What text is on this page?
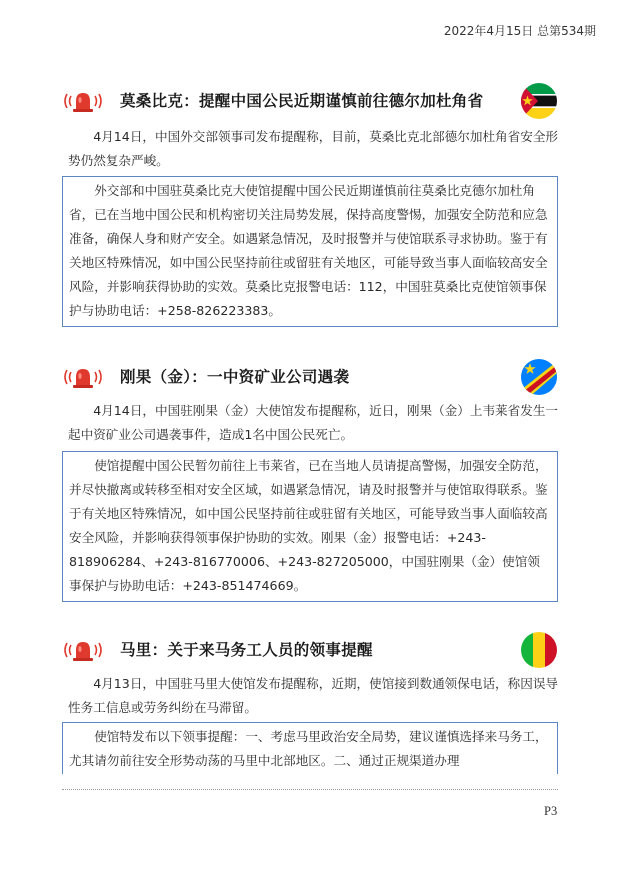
2022年4月15日 总第534期
莫桑比克：提醒中国公民近期谨慎前往德尔加杜角省
4月14日，中国外交部领事司发布提醒称，目前，莫桑比克北部德尔加杜角省安全形势仍然复杂严峻。
外交部和中国驻莫桑比克大使馆提醒中国公民近期谨慎前往莫桑比克德尔加杜角省，已在当地中国公民和机构密切关注局势发展，保持高度警惕，加强安全防范和应急准备，确保人身和财产安全。如遇紧急情况，及时报警并与使馆联系寻求协助。鉴于有关地区特殊情况，如中国公民坚持前往或留驻有关地区，可能导致当事人面临较高安全风险，并影响获得协助的实效。莫桑比克报警电话：112，中国驻莫桑比克使馆领事保护与协助电话：+258-826223383。
刚果（金）：一中资矿业公司遇袭
4月14日，中国驻刚果（金）大使馆发布提醒称，近日，刚果（金）上韦莱省发生一起中资矿业公司遇袭事件，造成1名中国公民死亡。
使馆提醒中国公民暂勿前往上韦莱省，已在当地人员请提高警惕，加强安全防范，并尽快撤离或转移至相对安全区域，如遇紧急情况，请及时报警并与使馆取得联系。鉴于有关地区特殊情况，如中国公民坚持前往或驻留有关地区，可能导致当事人面临较高安全风险，并影响获得领事保护协助的实效。刚果（金）报警电话：+243-818906284、+243-816770006、+243-827205000，中国驻刚果（金）使馆领事保护与协助电话：+243-851474669。
马里：关于来马务工人员的领事提醒
4月13日，中国驻马里大使馆发布提醒称，近期，使馆接到数通领保电话，称因误导性务工信息或劳务纠纷在马滞留。
使馆特发布以下领事提醒：一、考虑马里政治安全局势，建议谨慎选择来马务工，尤其请勿前往安全形势动荡的马里中北部地区。二、通过正规渠道办理
P3
